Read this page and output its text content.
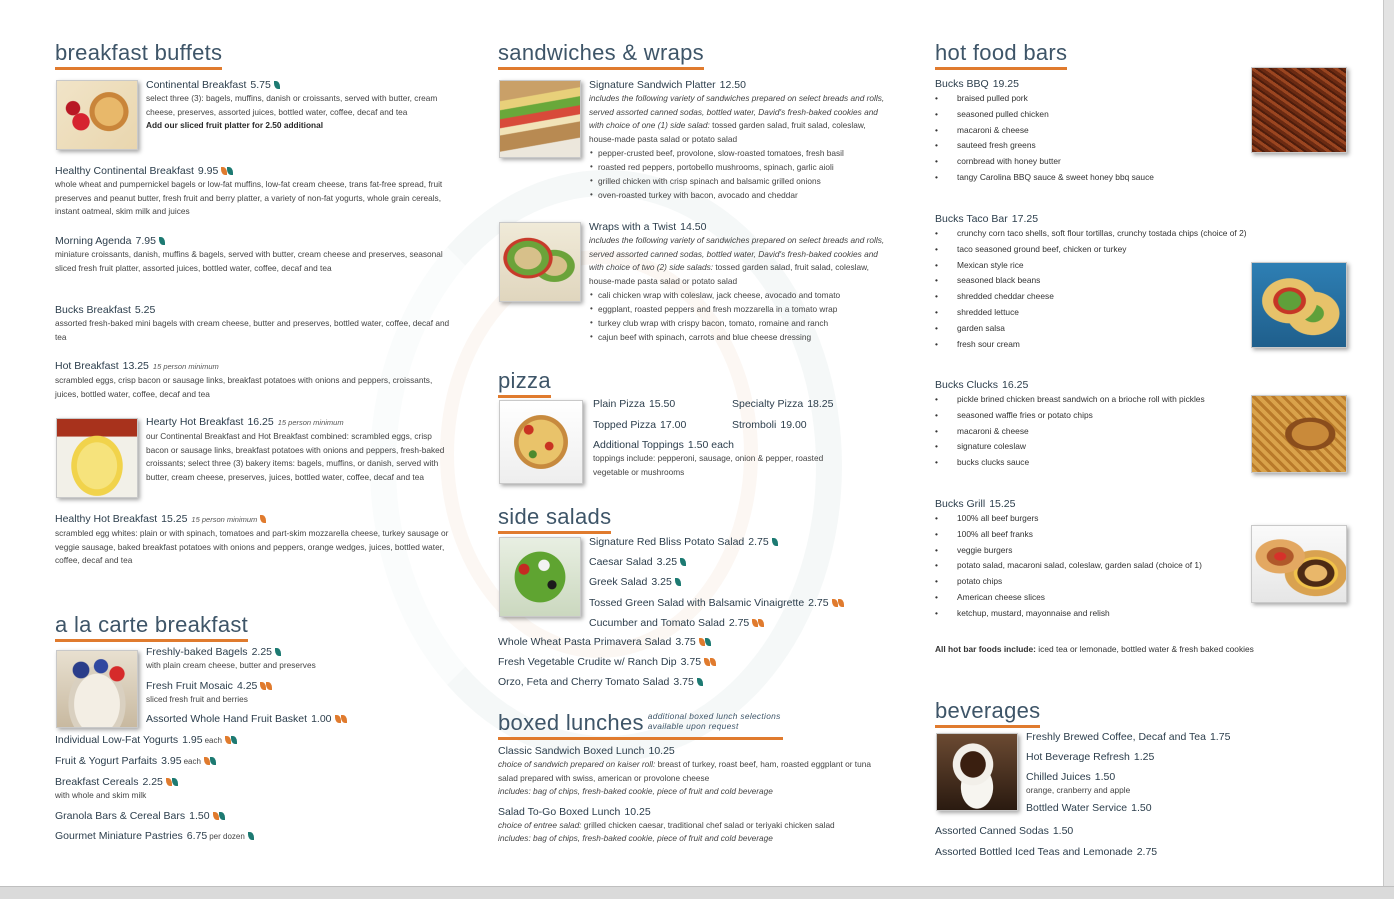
breakfast buffets
Continental Breakfast 5.75
select three (3): bagels, muffins, danish or croissants, served with butter, cream cheese, preserves, assorted juices, bottled water, coffee, decaf and tea
Add our sliced fruit platter for 2.50 additional
Healthy Continental Breakfast 9.95
whole wheat and pumpernickel bagels or low-fat muffins, low-fat cream cheese, trans fat-free spread, fruit preserves and peanut butter, fresh fruit and berry platter, a variety of non-fat yogurts, whole grain cereals, instant oatmeal, skim milk and juices
Morning Agenda 7.95
miniature croissants, danish, muffins & bagels, served with butter, cream cheese and preserves, seasonal sliced fresh fruit platter, assorted juices, bottled water, coffee, decaf and tea
Bucks Breakfast 5.25
assorted fresh-baked mini bagels with cream cheese, butter and preserves, bottled water, coffee, decaf and tea
Hot Breakfast 13.25 15 person minimum
scrambled eggs, crisp bacon or sausage links, breakfast potatoes with onions and peppers, croissants, juices, bottled water, coffee, decaf and tea
Hearty Hot Breakfast 16.25 15 person minimum
our Continental Breakfast and Hot Breakfast combined: scrambled eggs, crisp bacon or sausage links, breakfast potatoes with onions and peppers, fresh-baked croissants; select three (3) bakery items: bagels, muffins, or danish, served with butter, cream cheese, preserves, juices, bottled water, coffee, decaf and tea
Healthy Hot Breakfast 15.25 15 person minimum
scrambled egg whites: plain or with spinach, tomatoes and part-skim mozzarella cheese, turkey sausage or veggie sausage, baked breakfast potatoes with onions and peppers, orange wedges, juices, bottled water, coffee, decaf and tea
a la carte breakfast
Freshly-baked Bagels 2.25
with plain cream cheese, butter and preserves
Fresh Fruit Mosaic 4.25
sliced fresh fruit and berries
Assorted Whole Hand Fruit Basket 1.00
Individual Low-Fat Yogurts 1.95 each
Fruit & Yogurt Parfaits 3.95 each
Breakfast Cereals 2.25
with whole and skim milk
Granola Bars & Cereal Bars 1.50
Gourmet Miniature Pastries 6.75 per dozen
sandwiches & wraps
Signature Sandwich Platter 12.50
includes the following variety of sandwiches prepared on select breads and rolls, served assorted canned sodas, bottled water, David's fresh-baked cookies and with choice of one (1) side salad: tossed garden salad, fruit salad, coleslaw, house-made pasta salad or potato salad
• pepper-crusted beef, provolone, slow-roasted tomatoes, fresh basil
• roasted red peppers, portobello mushrooms, spinach, garlic aioli
• grilled chicken with crisp spinach and balsamic grilled onions
• oven-roasted turkey with bacon, avocado and cheddar
Wraps with a Twist 14.50
includes the following variety of sandwiches prepared on select breads and rolls, served assorted canned sodas, bottled water, David's fresh-baked cookies and with choice of two (2) side salads: tossed garden salad, fruit salad, coleslaw, house-made pasta salad or potato salad
• cali chicken wrap with coleslaw, jack cheese, avocado and tomato
• eggplant, roasted peppers and fresh mozzarella in a tomato wrap
• turkey club wrap with crispy bacon, tomato, romaine and ranch
• cajun beef with spinach, carrots and blue cheese dressing
pizza
Plain Pizza 15.50	Specialty Pizza 18.25
Topped Pizza 17.00	Stromboli 19.00
Additional Toppings 1.50 each
toppings include: pepperoni, sausage, onion & pepper, roasted vegetable or mushrooms
side salads
Signature Red Bliss Potato Salad 2.75
Caesar Salad 3.25
Greek Salad 3.25
Tossed Green Salad with Balsamic Vinaigrette 2.75
Cucumber and Tomato Salad 2.75
Whole Wheat Pasta Primavera Salad 3.75
Fresh Vegetable Crudite w/ Ranch Dip 3.75
Orzo, Feta and Cherry Tomato Salad 3.75
boxed lunches additional boxed lunch selections
available upon request
Classic Sandwich Boxed Lunch 10.25
choice of sandwich prepared on kaiser roll: breast of turkey, roast beef, ham, roasted eggplant or tuna salad prepared with swiss, american or provolone cheese
includes: bag of chips, fresh-baked cookie, piece of fruit and cold beverage
Salad To-Go Boxed Lunch 10.25
choice of entree salad: grilled chicken caesar, traditional chef salad or teriyaki chicken salad
includes: bag of chips, fresh-baked cookie, piece of fruit and cold beverage
hot food bars
Bucks BBQ 19.25
• braised pulled pork
• seasoned pulled chicken
• macaroni & cheese
• sauteed fresh greens
• cornbread with honey butter
• tangy Carolina BBQ sauce & sweet honey bbq sauce
Bucks Taco Bar 17.25
• crunchy corn taco shells, soft flour tortillas, crunchy tostada chips (choice of 2)
• taco seasoned ground beef, chicken or turkey
• Mexican style rice
• seasoned black beans
• shredded cheddar cheese
• shredded lettuce
• garden salsa
• fresh sour cream
Bucks Clucks 16.25
• pickle brined chicken breast sandwich on a brioche roll with pickles
• seasoned waffle fries or potato chips
• macaroni & cheese
• signature coleslaw
• bucks clucks sauce
Bucks Grill 15.25
• 100% all beef burgers
• 100% all beef franks
• veggie burgers
• potato salad, macaroni salad, coleslaw, garden salad (choice of 1)
• potato chips
• American cheese slices
• ketchup, mustard, mayonnaise and relish
All hot bar foods include: iced tea or lemonade, bottled water & fresh baked cookies
beverages
Freshly Brewed Coffee, Decaf and Tea 1.75
Hot Beverage Refresh 1.25
Chilled Juices 1.50
orange, cranberry and apple
Bottled Water Service 1.50
Assorted Canned Sodas 1.50
Assorted Bottled Iced Teas and Lemonade 2.75
